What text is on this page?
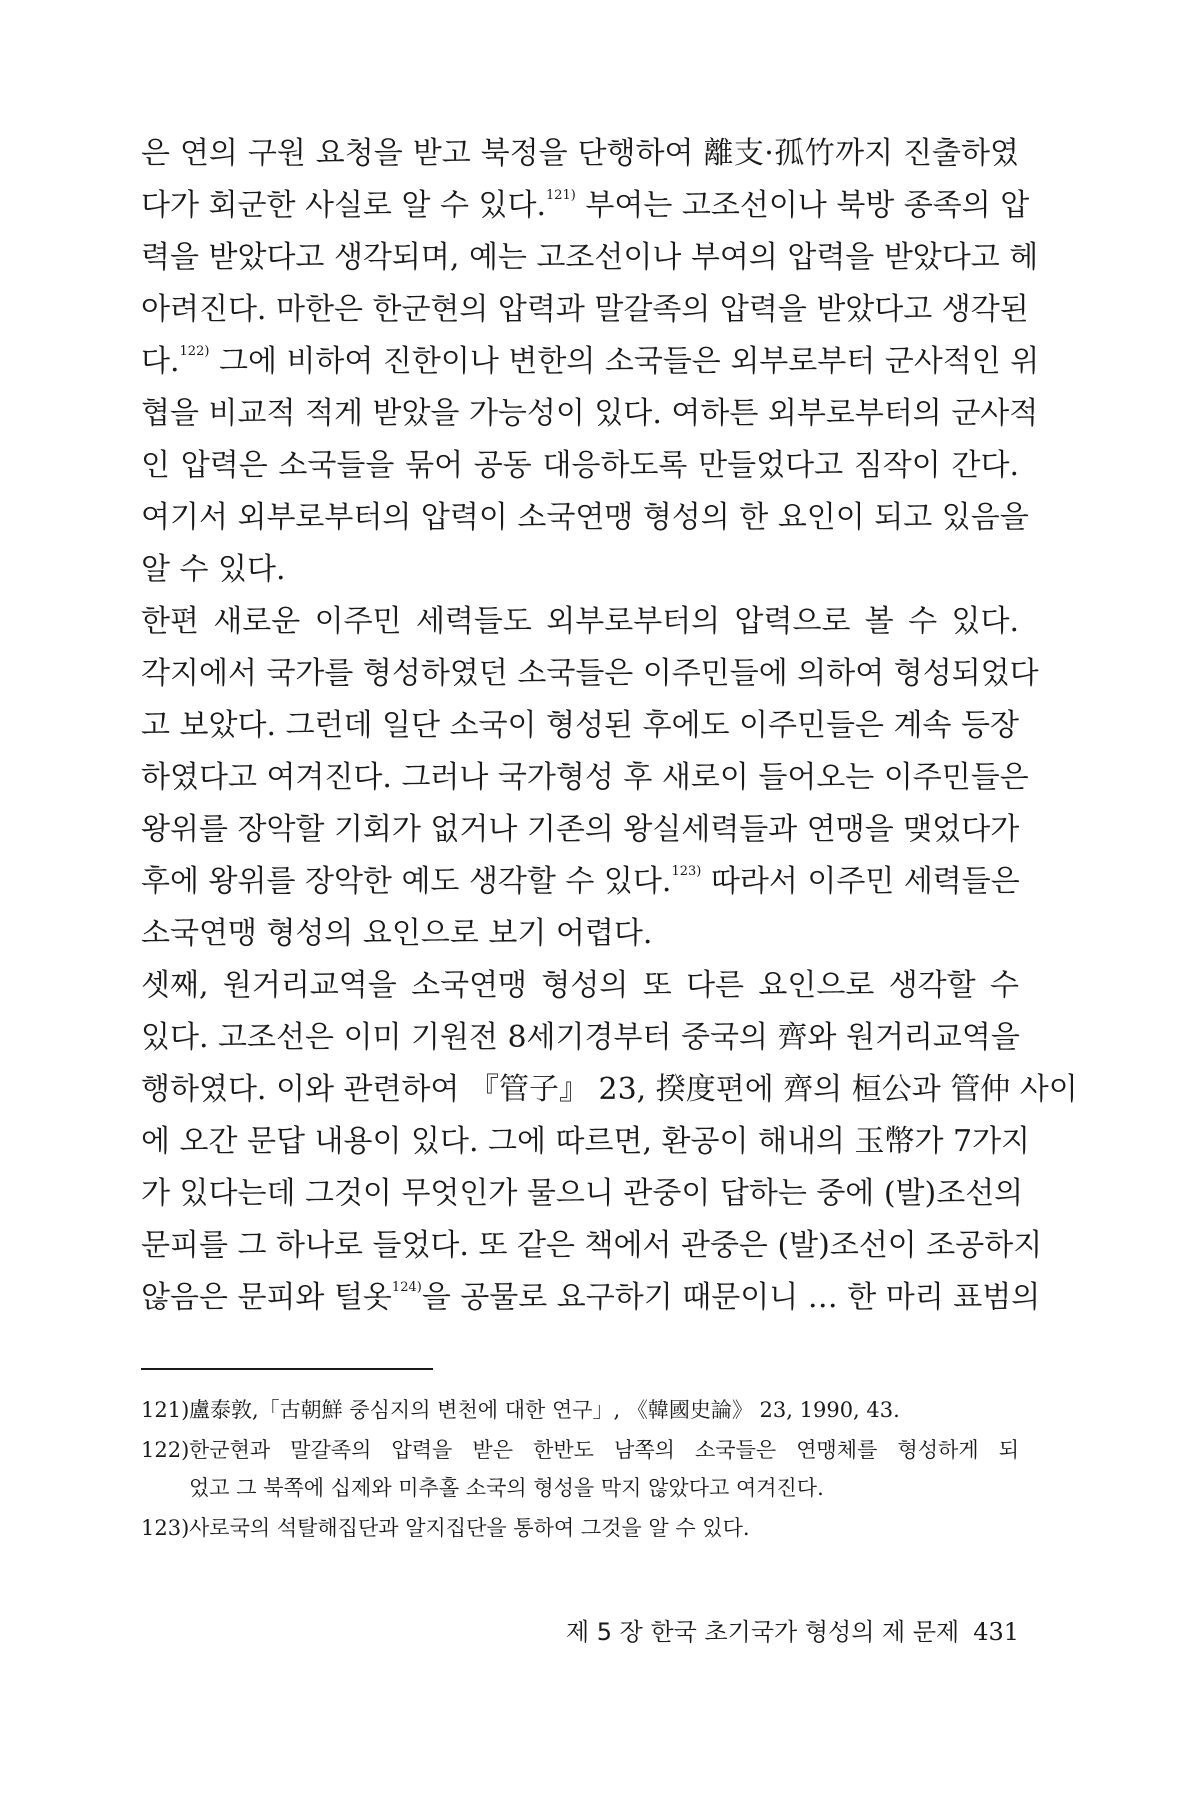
은 연의 구원 요청을 받고 북정을 단행하여 離支·孤竹까지 진출하였
다가 회군한 사실로 알 수 있다.$^{121)}$ 부여는 고조선이나 북방 종족의 압
력을 받았다고 생각되며, 예는 고조선이나 부여의 압력을 받았다고 헤
아려진다. 마한은 한군현의 압력과 말갈족의 압력을 받았다고 생각된
다.$^{122)}$ 그에 비하여 진한이나 변한의 소국들은 외부로부터 군사적인 위
협을 비교적 적게 받았을 가능성이 있다. 여하튼 외부로부터의 군사적
인 압력은 소국들을 묶어 공동 대응하도록 만들었다고 짐작이 간다.
여기서 외부로부터의 압력이 소국연맹 형성의 한 요인이 되고 있음을
알 수 있다.
한편 새로운 이주민 세력들도 외부로부터의 압력으로 볼 수 있다.
각지에서 국가를 형성하였던 소국들은 이주민들에 의하여 형성되었다
고 보았다. 그런데 일단 소국이 형성된 후에도 이주민들은 계속 등장
하였다고 여겨진다. 그러나 국가형성 후 새로이 들어오는 이주민들은
왕위를 장악할 기회가 없거나 기존의 왕실세력들과 연맹을 맺었다가
후에 왕위를 장악한 예도 생각할 수 있다.$^{123)}$ 따라서 이주민 세력들은
소국연맹 형성의 요인으로 보기 어렵다.
셋째, 원거리교역을 소국연맹 형성의 또 다른 요인으로 생각할 수
있다. 고조선은 이미 기원전 8세기경부터 중국의 齊와 원거리교역을
행하였다. 이와 관련하여 『管子』 23, 揆度편에 齊의 桓公과 管仲 사이
에 오간 문답 내용이 있다. 그에 따르면, 환공이 해내의 玉幣가 7가지
가 있다는데 그것이 무엇인가 물으니 관중이 답하는 중에 (발)조선의
문피를 그 하나로 들었다. 또 같은 책에서 관중은 (발)조선이 조공하지
않음은 문피와 털옷$^{124)}$을 공물로 요구하기 때문이니 … 한 마리 표범의
121)盧泰敦,「古朝鮮 중심지의 변천에 대한 연구」, 《韓國史論》 23, 1990, 43.
122)한군현과 말갈족의 압력을 받은 한반도 남쪽의 소국들은 연맹체를 형성하게 되
었고 그 북쪽에 십제와 미추홀 소국의 형성을 막지 않았다고 여겨진다.
123)사로국의 석탈해집단과 알지집단을 통하여 그것을 알 수 있다.
제 5 장 한국 초기국가 형성의 제 문제 431
